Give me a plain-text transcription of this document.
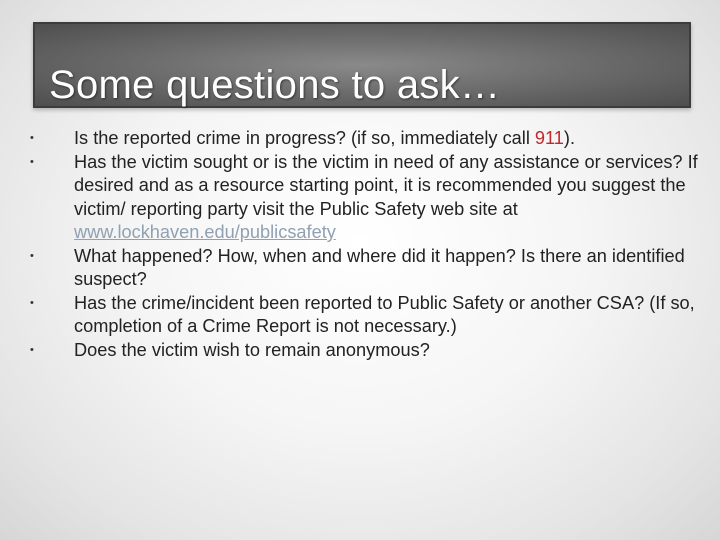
Some questions to ask…
• Is the reported crime in progress? (if so, immediately call 911).
• Has the victim sought or is the victim in need of any assistance or services? If desired and as a resource starting point, it is recommended you suggest the victim/ reporting party visit the Public Safety web site at www.lockhaven.edu/publicsafety
• What happened? How, when and where did it happen? Is there an identified suspect?
• Has the crime/incident been reported to Public Safety or another CSA? (If so, completion of a Crime Report is not necessary.)
• Does the victim wish to remain anonymous?
